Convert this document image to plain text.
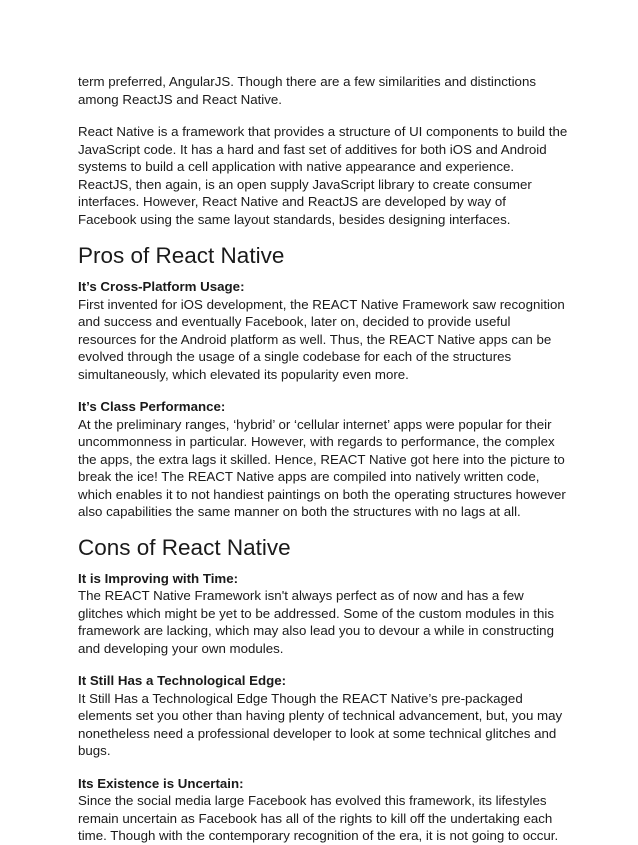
term preferred, AngularJS. Though there are a few similarities and distinctions among ReactJS and React Native.

React Native is a framework that provides a structure of UI components to build the JavaScript code. It has a hard and fast set of additives for both iOS and Android systems to build a cell application with native appearance and experience. ReactJS, then again, is an open supply JavaScript library to create consumer interfaces. However, React Native and ReactJS are developed by way of Facebook using the same layout standards, besides designing interfaces.

Pros of React Native

It’s Cross-Platform Usage:

First invented for iOS development, the REACT Native Framework saw recognition and success and eventually Facebook, later on, decided to provide useful resources for the Android platform as well. Thus, the REACT Native apps can be evolved through the usage of a single codebase for each of the structures simultaneously, which elevated its popularity even more.

It’s Class Performance:

At the preliminary ranges, ‘hybrid’ or ‘cellular internet’ apps were popular for their uncommonness in particular. However, with regards to performance, the complex the apps, the extra lags it skilled. Hence, REACT Native got here into the picture to break the ice! The REACT Native apps are compiled into natively written code, which enables it to not handiest paintings on both the operating structures however also capabilities the same manner on both the structures with no lags at all.

Cons of React Native

It is Improving with Time:

The REACT Native Framework isn't always perfect as of now and has a few glitches which might be yet to be addressed. Some of the custom modules in this framework are lacking, which may also lead you to devour a while in constructing and developing your own modules.

It Still Has a Technological Edge:

It Still Has a Technological Edge Though the REACT Native’s pre-packaged elements set you other than having plenty of technical advancement, but, you may nonetheless need a professional developer to look at some technical glitches and bugs.

Its Existence is Uncertain:

Since the social media large Facebook has evolved this framework, its lifestyles remain uncertain as Facebook has all of the rights to kill off the undertaking each time. Though with the contemporary recognition of the era, it is not going to occur.
